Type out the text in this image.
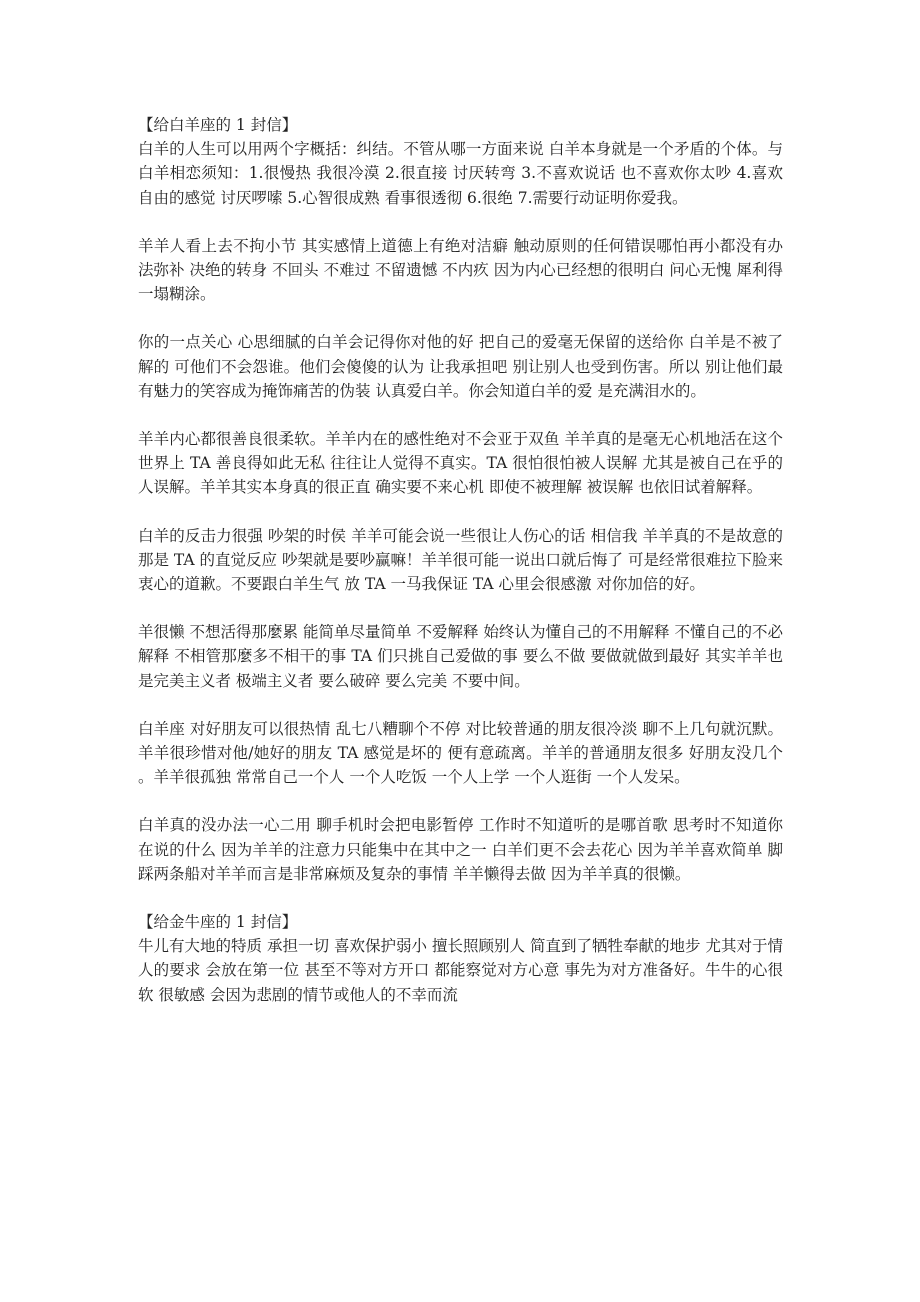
【给白羊座的 1 封信】

白羊的人生可以用两个字概括：纠结。不管从哪一方面来说 白羊本身就是一个矛盾的个体。与白羊相恋须知：1.很慢热 我很冷漠 2.很直接 讨厌转弯 3.不喜欢说话 也不喜欢你太吵 4.喜欢自由的感觉 讨厌啰嗦 5.心智很成熟 看事很透彻 6.很绝 7.需要行动证明你爱我。

羊羊人看上去不拘小节 其实感情上道德上有绝对洁癖 触动原则的任何错误哪怕再小都没有办法弥补 决绝的转身 不回头 不难过 不留遗憾 不内疚 因为内心已经想的很明白 问心无愧 犀利得一塌糊涂。

你的一点关心 心思细腻的白羊会记得你对他的好 把自己的爱毫无保留的送给你 白羊是不被了解的 可他们不会怨谁。他们会傻傻的认为 让我承担吧 别让别人也受到伤害。所以 别让他们最有魅力的笑容成为掩饰痛苦的伪装 认真爱白羊。你会知道白羊的爱 是充满泪水的。

羊羊内心都很善良很柔软。羊羊内在的感性绝对不会亚于双鱼 羊羊真的是毫无心机地活在这个世界上 TA 善良得如此无私 往往让人觉得不真实。TA 很怕很怕被人误解 尤其是被自己在乎的人误解。羊羊其实本身真的很正直 确实要不来心机 即使不被理解 被误解 也依旧试着解释。

白羊的反击力很强 吵架的时侯 羊羊可能会说一些很让人伤心的话 相信我 羊羊真的不是故意的 那是 TA 的直觉反应 吵架就是要吵赢嘛！羊羊很可能一说出口就后悔了 可是经常很难拉下脸来 衷心的道歉。不要跟白羊生气 放 TA 一马我保证 TA 心里会很感激 对你加倍的好。

羊很懒 不想活得那麼累 能简单尽量简单 不爱解释 始终认为懂自己的不用解释 不懂自己的不必解释 不相管那麼多不相干的事 TA 们只挑自己爱做的事 要么不做 要做就做到最好 其实羊羊也是完美主义者 极端主义者 要么破碎 要么完美 不要中间。

白羊座 对好朋友可以很热情 乱七八糟聊个不停 对比较普通的朋友很冷淡 聊不上几句就沉默。羊羊很珍惜对他/她好的朋友 TA 感觉是坏的 便有意疏离。羊羊的普通朋友很多 好朋友没几个。羊羊很孤独 常常自己一个人 一个人吃饭 一个人上学 一个人逛街 一个人发呆。

白羊真的没办法一心二用 聊手机时会把电影暂停 工作时不知道听的是哪首歌 思考时不知道你在说的什么 因为羊羊的注意力只能集中在其中之一 白羊们更不会去花心 因为羊羊喜欢简单 脚踩两条船对羊羊而言是非常麻烦及复杂的事情 羊羊懒得去做 因为羊羊真的很懒。

【给金牛座的 1 封信】

牛儿有大地的特质 承担一切 喜欢保护弱小 擅长照顾别人 简直到了牺牲奉献的地步 尤其对于情人的要求 会放在第一位 甚至不等对方开口 都能察觉对方心意 事先为对方准备好。牛牛的心很软 很敏感 会因为悲剧的情节或他人的不幸而流
